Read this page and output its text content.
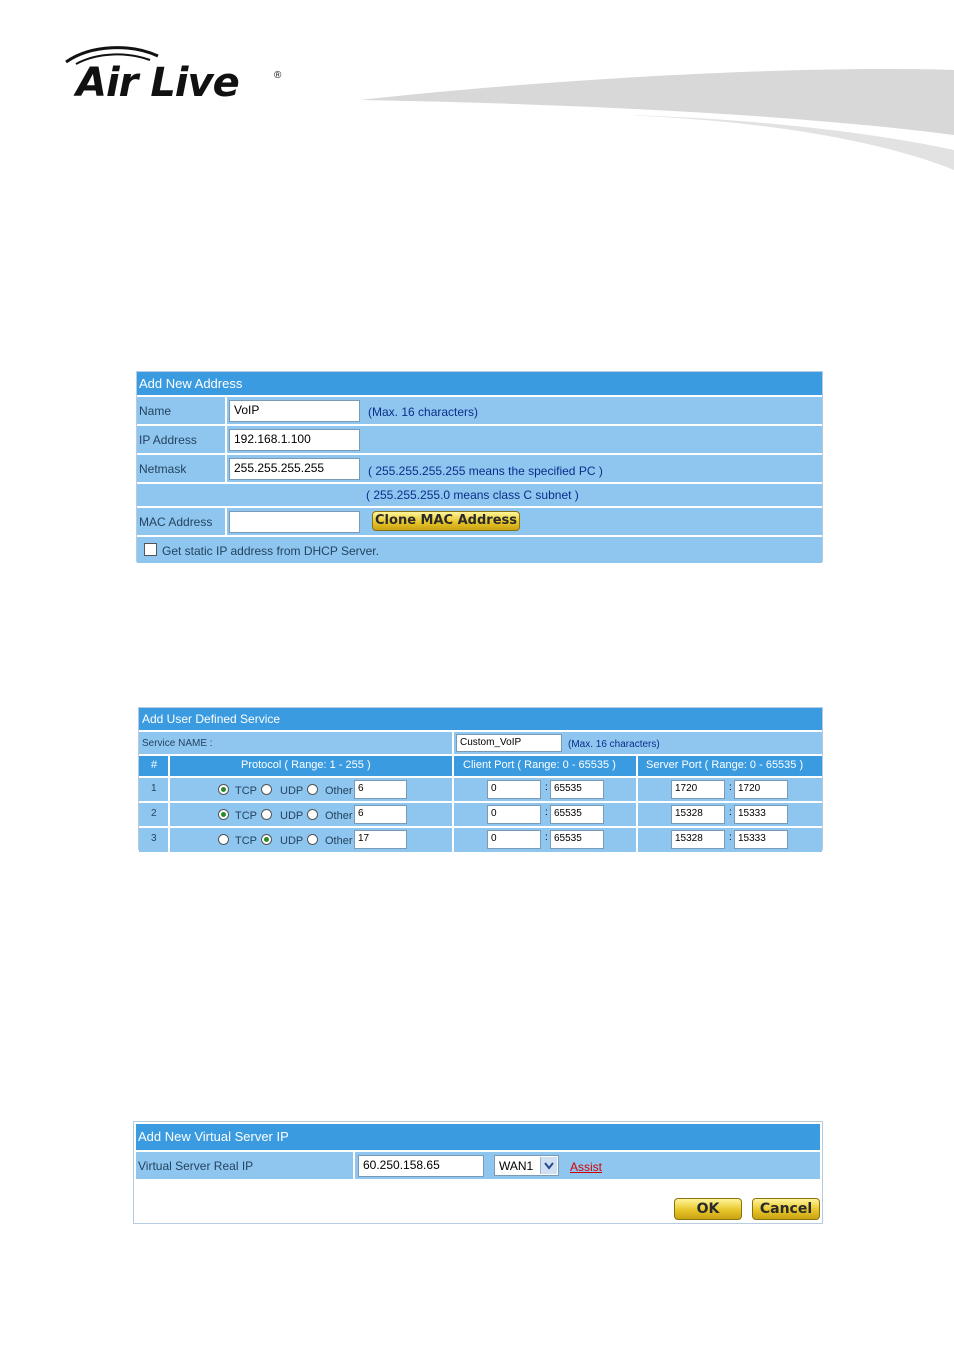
Air Live	®
Add New Address
Name	VoIP	(Max. 16 characters)
IP Address	192.168.1.100
Netmask	255.255.255.255	( 255.255.255.255 means the specified PC )
( 255.255.255.0 means class C subnet )
MAC Address	Clone MAC Address
Get static IP address from DHCP Server.
Add User Defined Service
Service NAME :	Custom_VoIP	(Max. 16 characters)
#	Protocol ( Range: 1 - 255 )	Client Port ( Range: 0 - 65535 )	Server Port ( Range: 0 - 65535 )
1	TCP UDP Other 6	0	: 65535	1720	: 1720
2	TCP UDP Other 6	0	: 65535	15328	: 15333
3	TCP UDP Other 17	0	: 65535	15328	: 15333
Add New Virtual Server IP
Virtual Server Real IP	60.250.158.65	WAN1	Assist
OK	Cancel
